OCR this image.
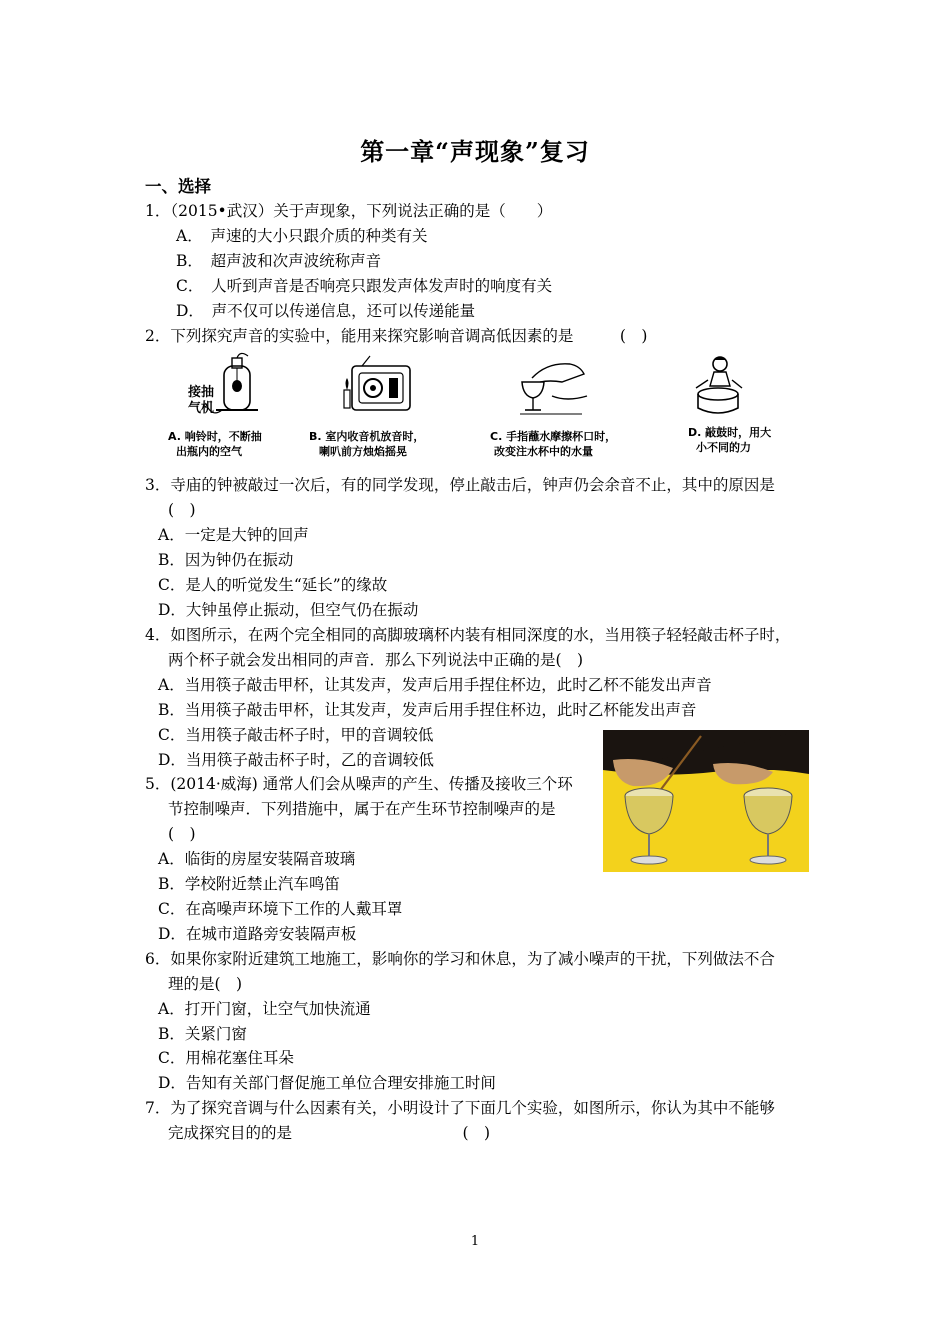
第一章“声现象”复习
一、选择
1．（2015•武汉）关于声现象，下列说法正确的是（　　）
A．　声速的大小只跟介质的种类有关
B．　超声波和次声波统称声音
C．　人听到声音是否响亮只跟发声体发声时的响度有关
D．　声不仅可以传递信息，还可以传递能量
2．下列探究声音的实验中，能用来探究影响音调高低因素的是　　　(　)
接抽
气机
A. 响铃时，不断抽
出瓶内的空气
B. 室内收音机放音时，
喇叭前方烛焰摇晃
C. 手指蘸水摩擦杯口时，
改变注水杯中的水量
D. 敲鼓时，用大
小不同的力
3．寺庙的钟被敲过一次后，有的同学发现，停止敲击后，钟声仍会余音不止，其中的原因是
(　)
A．一定是大钟的回声
B．因为钟仍在振动
C．是人的听觉发生“延长”的缘故
D．大钟虽停止振动，但空气仍在振动
4．如图所示，在两个完全相同的高脚玻璃杯内装有相同深度的水，当用筷子轻轻敲击杯子时，
两个杯子就会发出相同的声音．那么下列说法中正确的是(　)
A．当用筷子敲击甲杯，让其发声，发声后用手捏住杯边，此时乙杯不能发出声音
B．当用筷子敲击甲杯，让其发声，发声后用手捏住杯边，此时乙杯能发出声音
C．当用筷子敲击杯子时，甲的音调较低
D．当用筷子敲击杯子时，乙的音调较低
5．(2014·威海) 通常人们会从噪声的产生、传播及接收三个环
节控制噪声．下列措施中，属于在产生环节控制噪声的是
(　)
A．临街的房屋安装隔音玻璃
B．学校附近禁止汽车鸣笛
C．在高噪声环境下工作的人戴耳罩
D．在城市道路旁安装隔声板
6．如果你家附近建筑工地施工，影响你的学习和休息，为了减小噪声的干扰，下列做法不合
理的是(　)
A．打开门窗，让空气加快流通
B．关紧门窗
C．用棉花塞住耳朵
D．告知有关部门督促施工单位合理安排施工时间
7．为了探究音调与什么因素有关，小明设计了下面几个实验，如图所示，你认为其中不能够
完成探究目的的是　　　　　　　　　　　(　)
1
